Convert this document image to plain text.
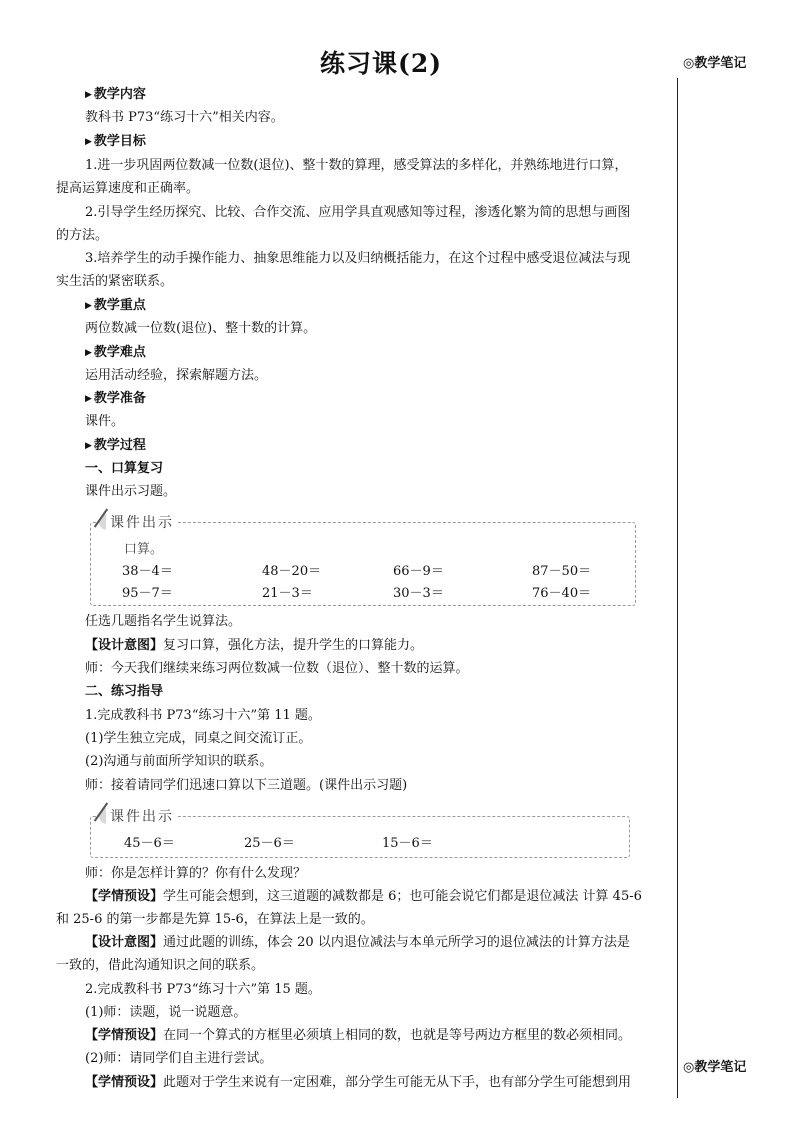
练习课(2)	◎教学笔记
◎教学笔记
▶ 教学内容
教科书 P73“练习十六”相关内容。
▶ 教学目标
1.进一步巩固两位数减一位数(退位)、整十数的算理，感受算法的多样化，并熟练地进行口算，
提高运算速度和正确率。
2.引导学生经历探究、比较、合作交流、应用学具直观感知等过程，渗透化繁为简的思想与画图
的方法。
3.培养学生的动手操作能力、抽象思维能力以及归纳概括能力，在这个过程中感受退位减法与现
实生活的紧密联系。
▶ 教学重点
两位数减一位数(退位)、整十数的计算。
▶ 教学难点
运用活动经验，探索解题方法。
▶ 教学准备
课件。
▶ 教学过程
一、口算复习
课件出示习题。
课件出示
口算。
38－4＝	48－20＝	66－9＝	87－50＝
95－7＝	21－3＝	30－3＝	76－40＝
任选几题指名学生说算法。
【设计意图】复习口算，强化方法，提升学生的口算能力。
师：今天我们继续来练习两位数减一位数（退位）、整十数的运算。
二、练习指导
1.完成教科书 P73“练习十六”第 11 题。
(1)学生独立完成，同桌之间交流订正。
(2)沟通与前面所学知识的联系。
师：接着请同学们迅速口算以下三道题。(课件出示习题)
课件出示
45－6＝	25－6＝	15－6＝
师：你是怎样计算的？你有什么发现？
【学情预设】学生可能会想到，这三道题的减数都是 6；也可能会说它们都是退位减法 计算 45-6
和 25-6 的第一步都是先算 15-6，在算法上是一致的。
【设计意图】通过此题的训练，体会 20 以内退位减法与本单元所学习的退位减法的计算方法是
一致的，借此沟通知识之间的联系。
2.完成教科书 P73“练习十六”第 15 题。
(1)师：读题，说一说题意。
【学情预设】在同一个算式的方框里必须填上相同的数，也就是等号两边方框里的数必须相同。
(2)师：请同学们自主进行尝试。
【学情预设】此题对于学生来说有一定困难，部分学生可能无从下手，也有部分学生可能想到用
